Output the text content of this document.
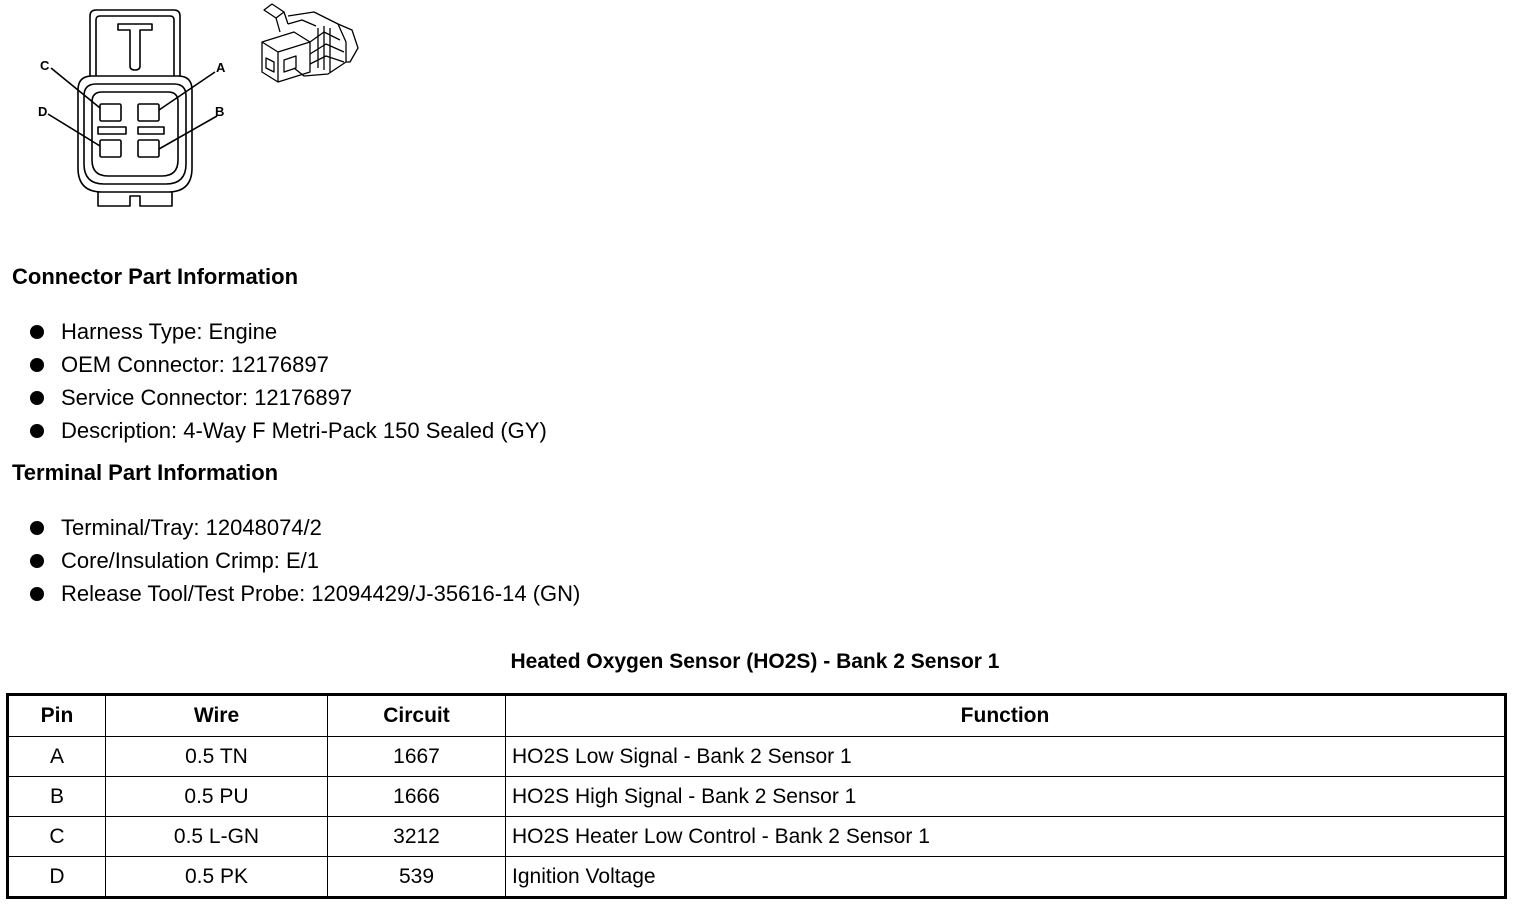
C	A
D	B
Connector Part Information
Harness Type: Engine
OEM Connector: 12176897
Service Connector: 12176897
Description: 4-Way F Metri-Pack 150 Sealed (GY)
Terminal Part Information
Terminal/Tray: 12048074/2
Core/Insulation Crimp: E/1
Release Tool/Test Probe: 12094429/J-35616-14 (GN)
Heated Oxygen Sensor (HO2S) - Bank 2 Sensor 1
Pin	Wire	Circuit	Function
A	0.5 TN	1667	HO2S Low Signal - Bank 2 Sensor 1
B	0.5 PU	1666	HO2S High Signal - Bank 2 Sensor 1
C	0.5 L-GN	3212	HO2S Heater Low Control - Bank 2 Sensor 1
D	0.5 PK	539	Ignition Voltage
